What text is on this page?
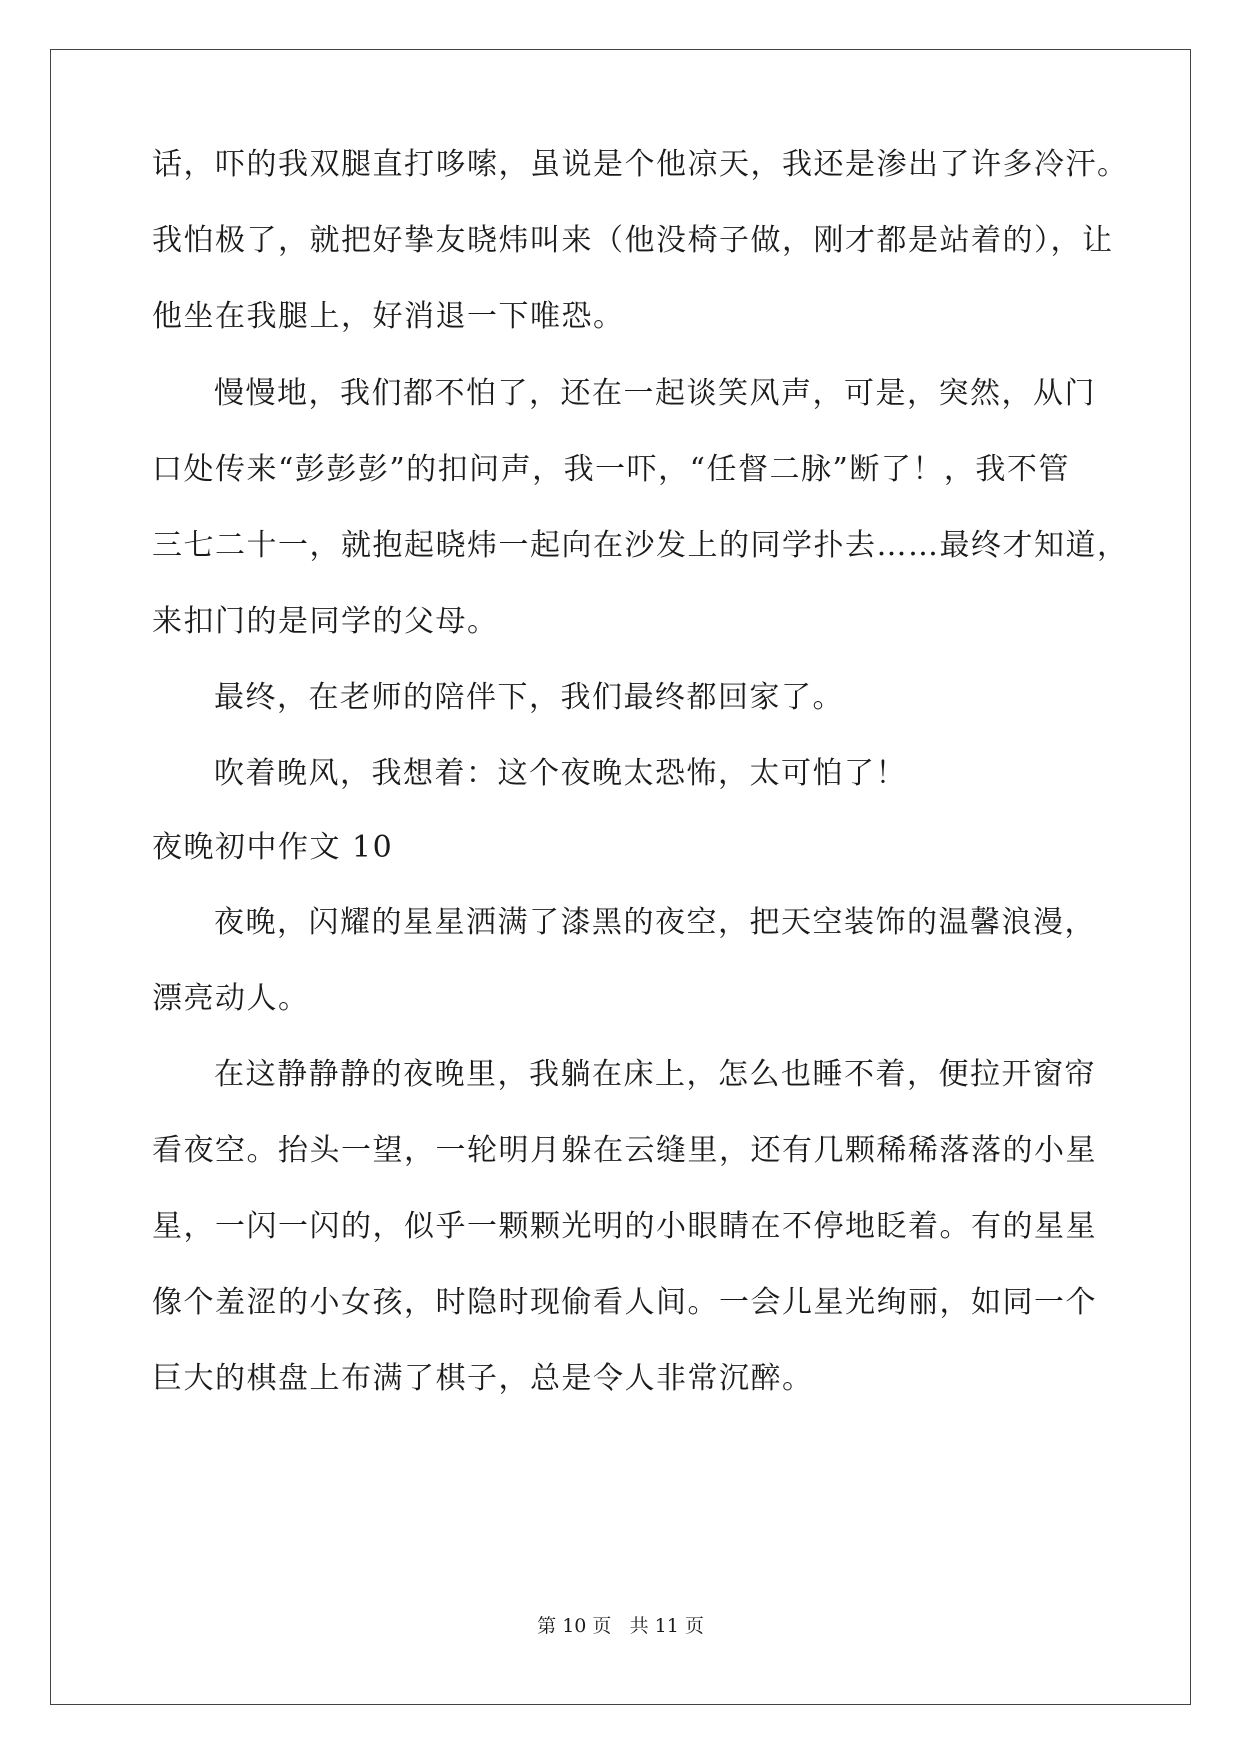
话，吓的我双腿直打哆嗦，虽说是个他凉天，我还是渗出了许多冷汗。
我怕极了，就把好挚友晓炜叫来（他没椅子做，刚才都是站着的），让
他坐在我腿上，好消退一下唯恐。
慢慢地，我们都不怕了，还在一起谈笑风声，可是，突然，从门
口处传来“彭彭彭”的扣问声，我一吓，“任督二脉”断了！，我不管
三七二十一，就抱起晓炜一起向在沙发上的同学扑去……最终才知道，
来扣门的是同学的父母。
最终，在老师的陪伴下，我们最终都回家了。
吹着晚风，我想着：这个夜晚太恐怖，太可怕了！
夜晚初中作文 10
夜晚，闪耀的星星洒满了漆黑的夜空，把天空装饰的温馨浪漫，
漂亮动人。
在这静静静的夜晚里，我躺在床上，怎么也睡不着，便拉开窗帘
看夜空。抬头一望，一轮明月躲在云缝里，还有几颗稀稀落落的小星
星，一闪一闪的，似乎一颗颗光明的小眼睛在不停地眨着。有的星星
像个羞涩的小女孩，时隐时现偷看人间。一会儿星光绚丽，如同一个
巨大的棋盘上布满了棋子，总是令人非常沉醉。
第 10 页 共 11 页
